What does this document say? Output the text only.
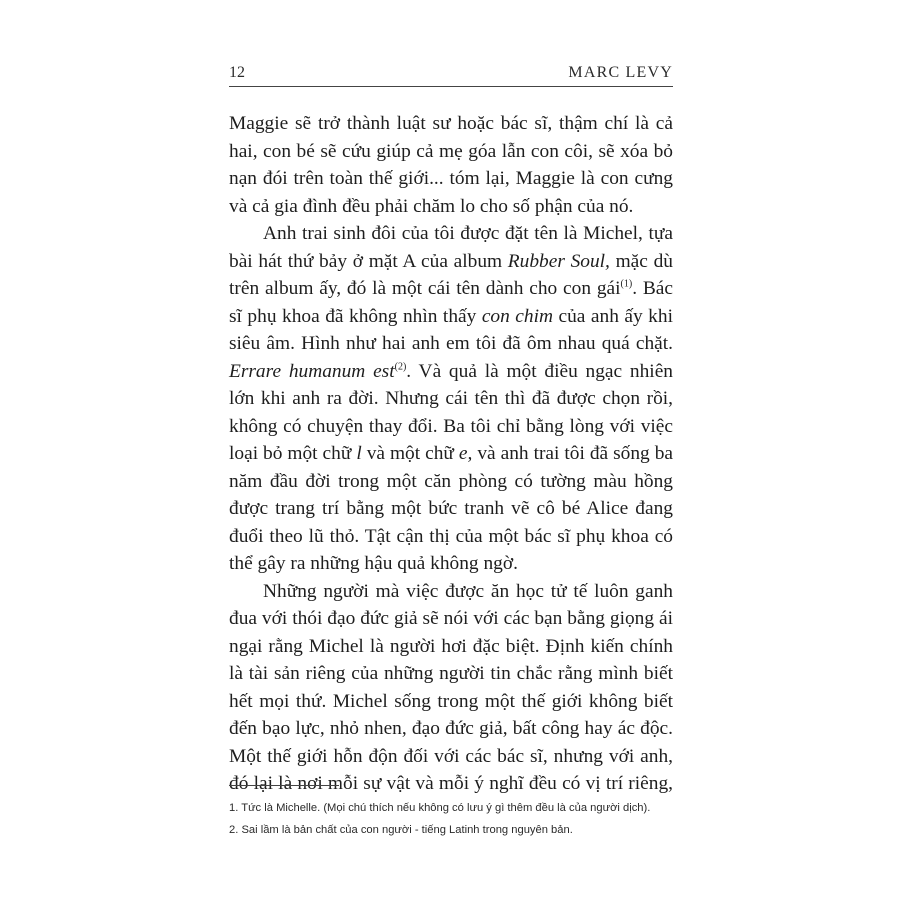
12	MARC LEVY
Maggie sẽ trở thành luật sư hoặc bác sĩ, thậm chí là cả
hai, con bé sẽ cứu giúp cả mẹ góa lẫn con côi, sẽ xóa bỏ
nạn đói trên toàn thế giới... tóm lại, Maggie là con cưng
và cả gia đình đều phải chăm lo cho số phận của nó.
Anh trai sinh đôi của tôi được đặt tên là Michel, tựa
bài hát thứ bảy ở mặt A của album Rubber Soul, mặc dù
trên album ấy, đó là một cái tên dành cho con gái$^{(1)}$. Bác
sĩ phụ khoa đã không nhìn thấy con chim của anh ấy khi
siêu âm. Hình như hai anh em tôi đã ôm nhau quá chặt.
Errare humanum est$^{(2)}$. Và quả là một điều ngạc nhiên
lớn khi anh ra đời. Nhưng cái tên thì đã được chọn rồi,
không có chuyện thay đổi. Ba tôi chỉ bằng lòng với việc
loại bỏ một chữ l và một chữ e, và anh trai tôi đã sống ba
năm đầu đời trong một căn phòng có tường màu hồng
được trang trí bằng một bức tranh vẽ cô bé Alice đang
đuổi theo lũ thỏ. Tật cận thị của một bác sĩ phụ khoa có
thể gây ra những hậu quả không ngờ.
Những người mà việc được ăn học tử tế luôn ganh
đua với thói đạo đức giả sẽ nói với các bạn bằng giọng ái
ngại rằng Michel là người hơi đặc biệt. Định kiến chính
là tài sản riêng của những người tin chắc rằng mình biết
hết mọi thứ. Michel sống trong một thế giới không biết
đến bạo lực, nhỏ nhen, đạo đức giả, bất công hay ác độc.
Một thế giới hỗn độn đối với các bác sĩ, nhưng với anh,
đó lại là nơi mỗi sự vật và mỗi ý nghĩ đều có vị trí riêng,
1. Tức là Michelle. (Mọi chú thích nếu không có lưu ý gì thêm đều là của người dịch).
2. Sai lầm là bản chất của con người - tiếng Latinh trong nguyên bản.
